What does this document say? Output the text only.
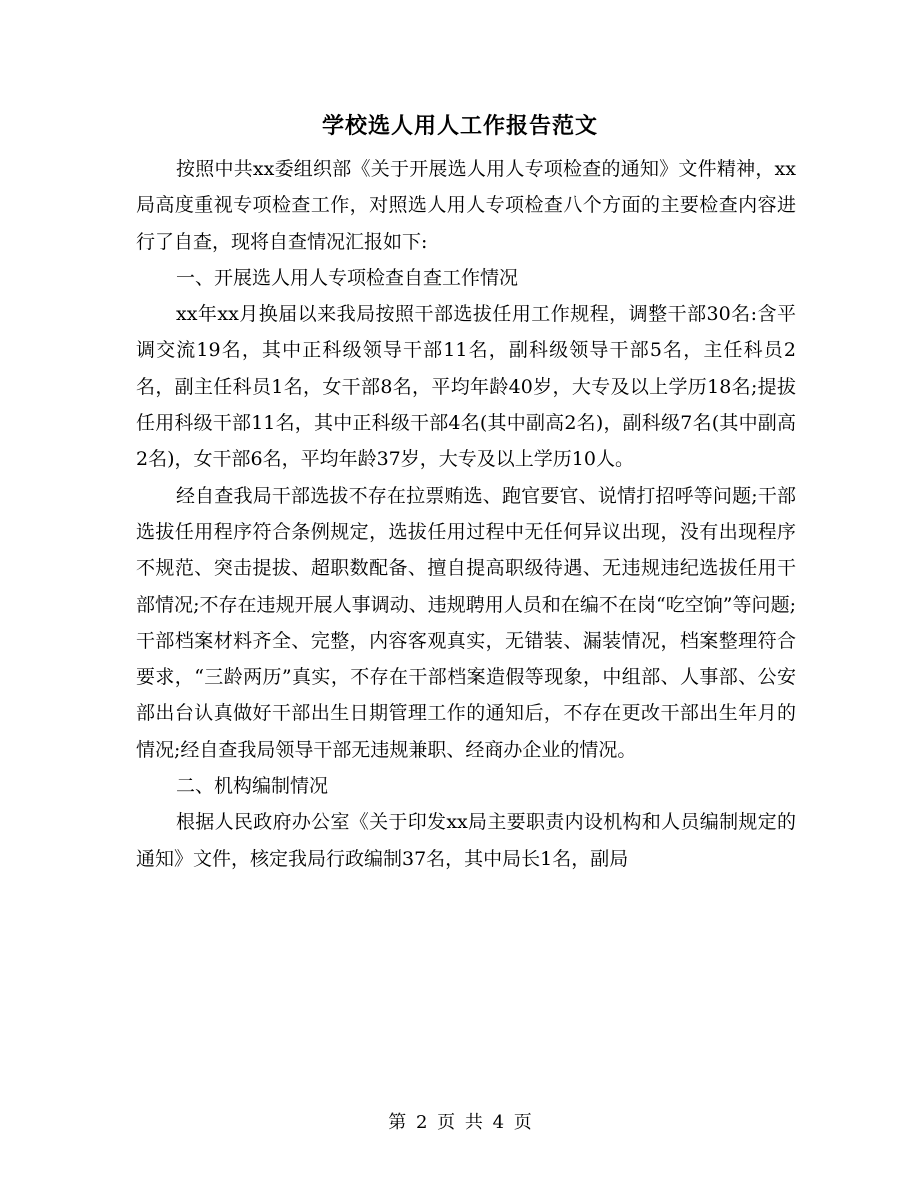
学校选人用人工作报告范文

按照中共xx委组织部《关于开展选人用人专项检查的通知》文件精神，xx局高度重视专项检查工作，对照选人用人专项检查八个方面的主要检查内容进行了自查，现将自查情况汇报如下:

一、开展选人用人专项检查自查工作情况

xx年xx月换届以来我局按照干部选拔任用工作规程，调整干部30名:含平调交流19名，其中正科级领导干部11名，副科级领导干部5名，主任科员2名，副主任科员1名，女干部8名，平均年龄40岁，大专及以上学历18名;提拔任用科级干部11名，其中正科级干部4名(其中副高2名)，副科级7名(其中副高2名)，女干部6名，平均年龄37岁，大专及以上学历10人。

经自查我局干部选拔不存在拉票贿选、跑官要官、说情打招呼等问题;干部选拔任用程序符合条例规定，选拔任用过程中无任何异议出现，没有出现程序不规范、突击提拔、超职数配备、擅自提高职级待遇、无违规违纪选拔任用干部情况;不存在违规开展人事调动、违规聘用人员和在编不在岗“吃空饷”等问题;干部档案材料齐全、完整，内容客观真实，无错装、漏装情况，档案整理符合要求，“三龄两历”真实，不存在干部档案造假等现象，中组部、人事部、公安部出台认真做好干部出生日期管理工作的通知后，不存在更改干部出生年月的情况;经自查我局领导干部无违规兼职、经商办企业的情况。

二、机构编制情况

根据人民政府办公室《关于印发xx局主要职责内设机构和人员编制规定的通知》文件，核定我局行政编制37名，其中局长1名，副局

第 2 页 共 4 页
